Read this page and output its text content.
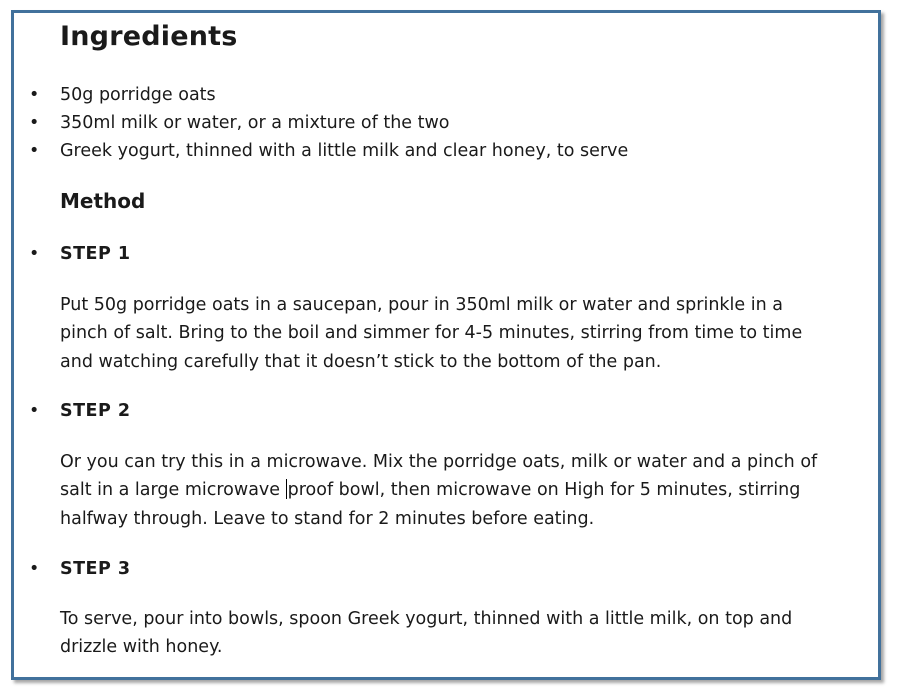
Ingredients
• 50g porridge oats
• 350ml milk or water, or a mixture of the two
• Greek yogurt, thinned with a little milk and clear honey, to serve
Method
• STEP 1

Put 50g porridge oats in a saucepan, pour in 350ml milk or water and sprinkle in a pinch of salt. Bring to the boil and simmer for 4-5 minutes, stirring from time to time and watching carefully that it doesn’t stick to the bottom of the pan.

• STEP 2

Or you can try this in a microwave. Mix the porridge oats, milk or water and a pinch of salt in a large microwave proof bowl, then microwave on High for 5 minutes, stirring halfway through. Leave to stand for 2 minutes before eating.

• STEP 3

To serve, pour into bowls, spoon Greek yogurt, thinned with a little milk, on top and drizzle with honey.
